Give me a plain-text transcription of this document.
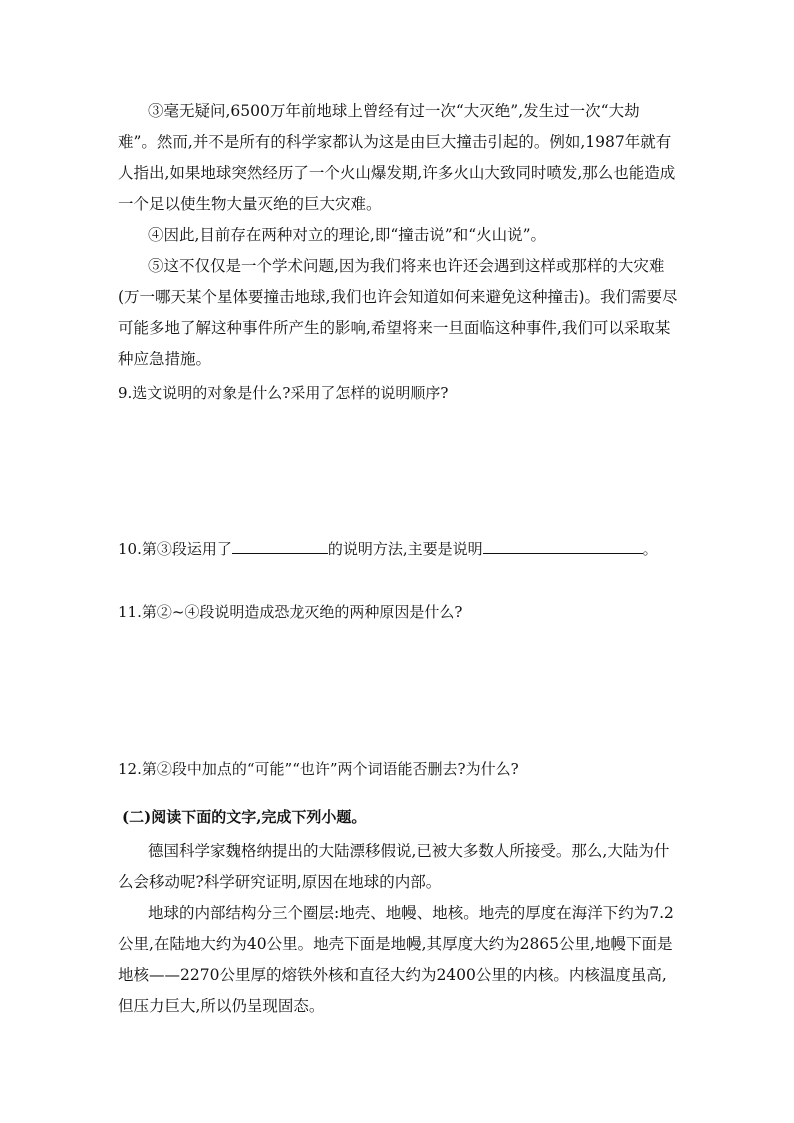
③毫无疑问,6500万年前地球上曾经有过一次“大灭绝”,发生过一次“大劫难”。然而,并不是所有的科学家都认为这是由巨大撞击引起的。例如,1987年就有人指出,如果地球突然经历了一个火山爆发期,许多火山大致同时喷发,那么也能造成一个足以使生物大量灭绝的巨大灾难。

④因此,目前存在两种对立的理论,即“撞击说”和“火山说”。

⑤这不仅仅是一个学术问题,因为我们将来也许还会遇到这样或那样的大灾难(万一哪天某个星体要撞击地球,我们也许会知道如何来避免这种撞击)。我们需要尽可能多地了解这种事件所产生的影响,希望将来一旦面临这种事件,我们可以采取某种应急措施。

9.选文说明的对象是什么?采用了怎样的说明顺序?

10.第③段运用了	的说明方法,主要是说明	。

11.第②~④段说明造成恐龙灭绝的两种原因是什么?

12.第②段中加点的“可能”“也许”两个词语能否删去?为什么?

(二)阅读下面的文字,完成下列小题。

德国科学家魏格纳提出的大陆漂移假说,已被大多数人所接受。那么,大陆为什么会移动呢?科学研究证明,原因在地球的内部。

地球的内部结构分三个圈层:地壳、地幔、地核。地壳的厚度在海洋下约为7.2公里,在陆地大约为40公里。地壳下面是地幔,其厚度大约为2865公里,地幔下面是地核——2270公里厚的熔铁外核和直径大约为2400公里的内核。内核温度虽高,但压力巨大,所以仍呈现固态。
